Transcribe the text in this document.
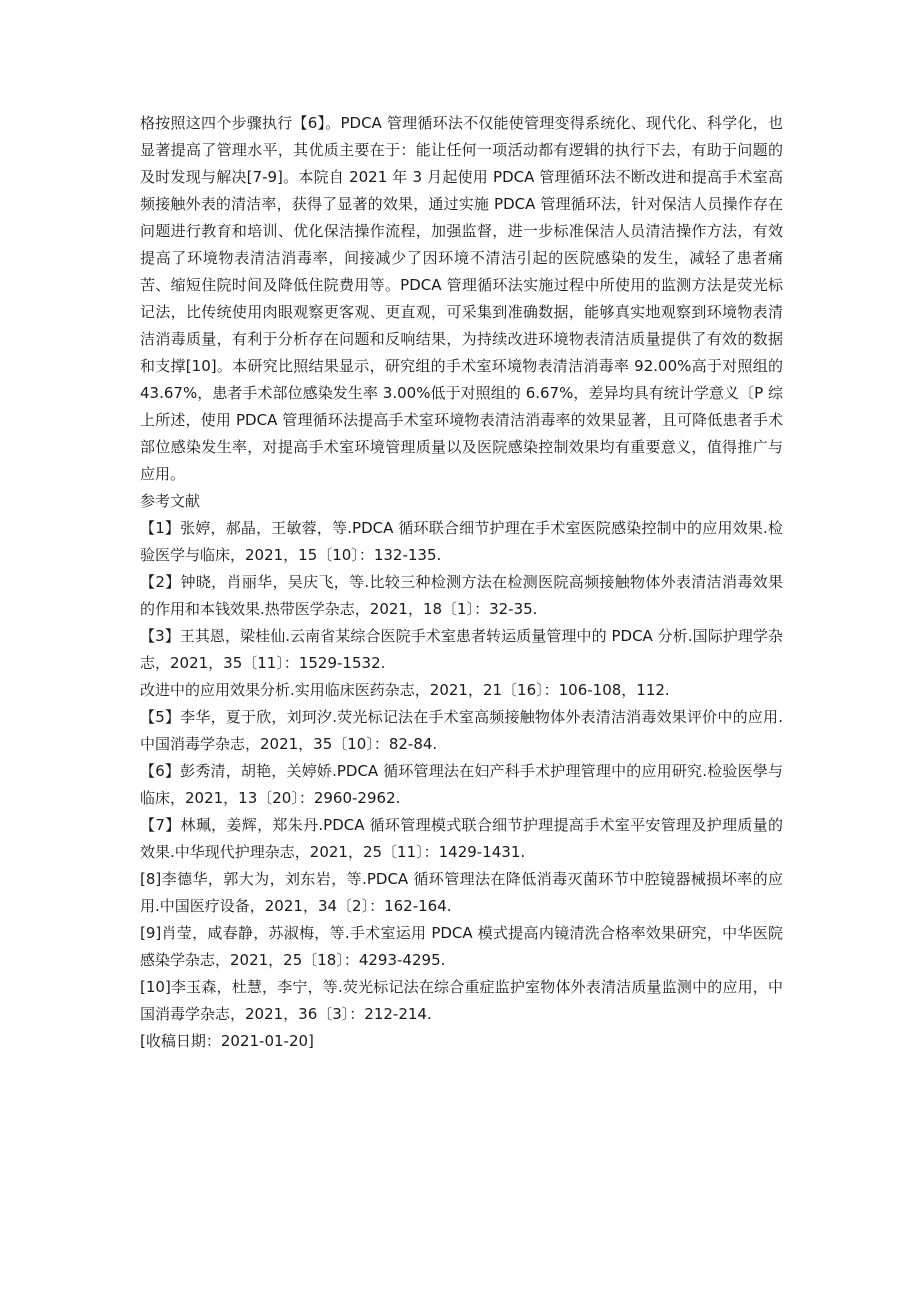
格按照这四个步骤执行【6】。PDCA 管理循环法不仅能使管理变得系统化、现代化、科学化，也显著提高了管理水平，其优质主要在于：能让任何一项活动都有逻辑的执行下去，有助于问题的及时发现与解决[7-9]。本院自 2021 年 3 月起使用 PDCA 管理循环法不断改进和提高手术室高频接触外表的清洁率，获得了显著的效果，通过实施 PDCA 管理循环法，针对保洁人员操作存在问题进行教育和培训、优化保洁操作流程，加强监督，进一步标准保洁人员清洁操作方法，有效提高了环境物表清洁消毒率，间接减少了因环境不清洁引起的医院感染的发生，减轻了患者痛苦、缩短住院时间及降低住院费用等。PDCA 管理循环法实施过程中所使用的监测方法是荧光标记法，比传统使用肉眼观察更客观、更直观，可采集到准确数据，能够真实地观察到环境物表清洁消毒质量，有利于分析存在问题和反响结果，为持续改进环境物表清洁质量提供了有效的数据和支撑[10]。本研究比照结果显示，研究组的手术室环境物表清洁消毒率 92.00%高于对照组的 43.67%，患者手术部位感染发生率 3.00%低于对照组的 6.67%，差异均具有统计学意义〔P 综上所述，使用 PDCA 管理循环法提高手术室环境物表清洁消毒率的效果显著，且可降低患者手术部位感染发生率，对提高手术室环境管理质量以及医院感染控制效果均有重要意义，值得推广与应用。

参考文献

【1】张婷，郝晶，王敏蓉，等.PDCA 循环联合细节护理在手术室医院感染控制中的应用效果.检验医学与临床，2021，15〔10〕：132-135.

【2】钟晓，肖丽华，吴庆飞，等.比较三种检测方法在检测医院高频接触物体外表清洁消毒效果的作用和本钱效果.热带医学杂志，2021，18〔1〕：32-35.

【3】王其恩，梁桂仙.云南省某综合医院手术室患者转运质量管理中的 PDCA 分析.国际护理学杂志，2021，35〔11〕：1529-1532.

改进中的应用效果分析.实用临床医药杂志，2021，21〔16〕：106-108，112.

【5】李华，夏于欣，刘珂汐.荧光标记法在手术室高频接触物体外表清洁消毒效果评价中的应用.中国消毒学杂志，2021，35〔10〕：82-84.

【6】彭秀清，胡艳，关婷娇.PDCA 循环管理法在妇产科手术护理管理中的应用研究.检验医學与临床，2021，13〔20〕：2960-2962.

【7】林珮，姜辉，郑朱丹.PDCA 循环管理模式联合细节护理提高手术室平安管理及护理质量的效果.中华现代护理杂志，2021，25〔11〕：1429-1431.

[8]李德华，郭大为，刘东岩，等.PDCA 循环管理法在降低消毒灭菌环节中腔镜器械损坏率的应用.中国医疗设备，2021，34〔2〕：162-164.

[9]肖莹，咸春静，苏淑梅，等.手术室运用 PDCA 模式提高内镜清洗合格率效果研究，中华医院感染学杂志，2021，25〔18〕：4293-4295.

[10]李玉森，杜慧，李宁，等.荧光标记法在综合重症监护室物体外表清洁质量监测中的应用，中国消毒学杂志，2021，36〔3〕：212-214.

[收稿日期：2021-01-20]
